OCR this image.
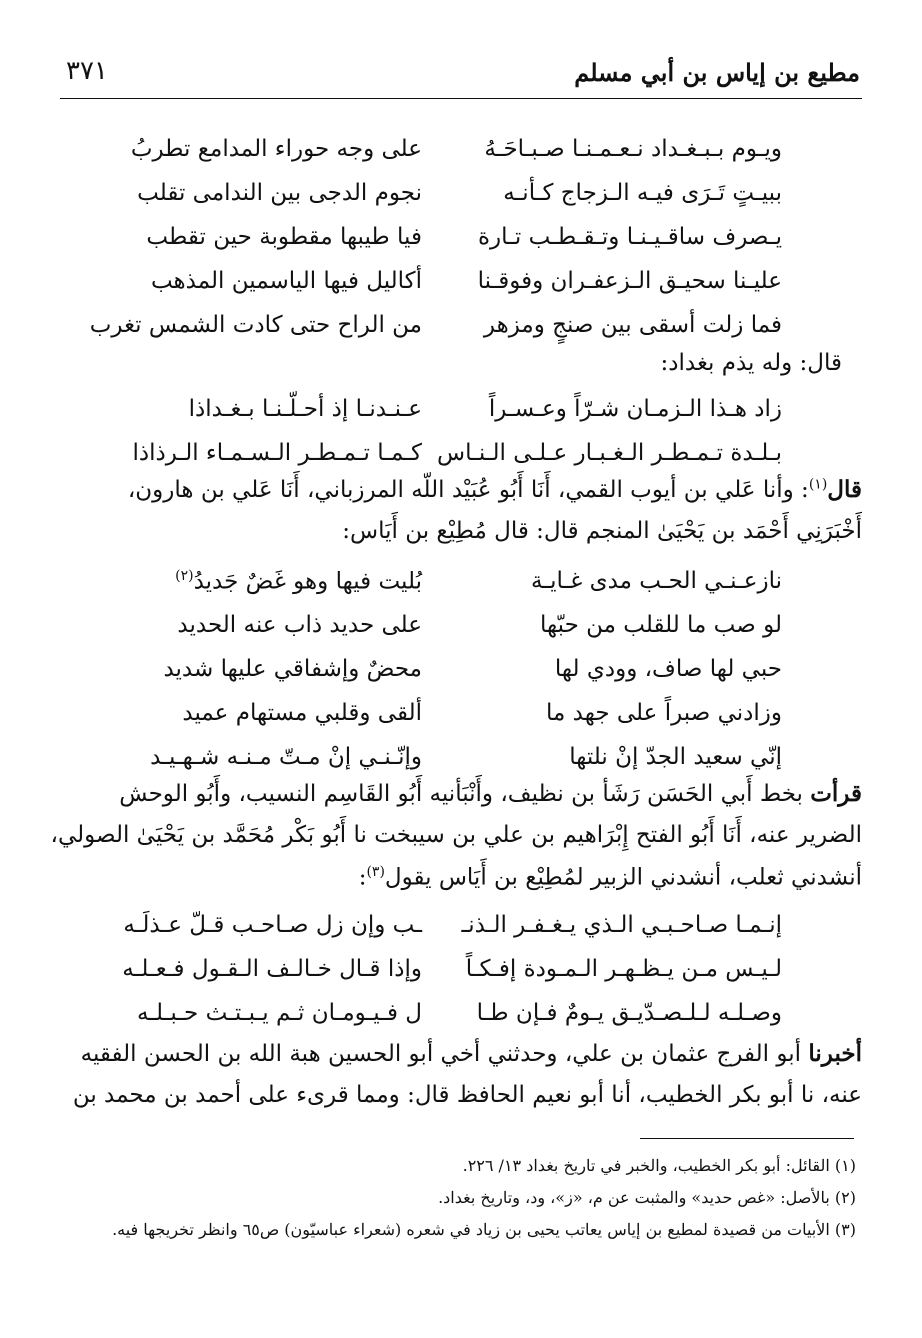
مطيع بن إياس بن أبي مسلم
٣٧١
ويـوم بـبـغـداد نـعـمـنـا صـبـاحَـهُ
على وجه حوراء المدامع تطربُ
ببيـتٍ تَـرَى فيـه الـزجاج كـأنـه
نجوم الدجى بين الندامى تقلب
يـصرف ساقـيـنـا وتـقـطـب تـارة
فيا طيبها مقطوبة حين تقطب
عليـنا سحيـق الـزعفـران وفوقـنا
أكاليل فيها الياسمين المذهب
فما زلت أسقى بين صنجٍ ومزهر
من الراح حتى كادت الشمس تغرب
قال: وله يذم بغداد:
زاد هـذا الـزمـان شـرّاً وعـسـراً
عـنـدنـا إذ أحـلّـنـا بـغـداذا
بـلـدة تـمـطـر الـغـبـار عـلـى الـنـاس
كـمـا تـمـطـر الـسـمـاء الـرذاذا
قال$^{(١)}$: وأنا عَلي بن أيوب القمي، أَنَا أَبُو عُبَيْد اللّه المرزباني، أَنَا عَلي بن هارون،
أَخْبَرَنِي أَحْمَد بن يَحْيَىٰ المنجم قال: قال مُطِيْع بن أَيَاس:
نازعـنـي الحـب مدى غـايـة
بُليت فيها وهو غَضٌ جَديدُ$^{(٢)}$
لو صب ما للقلب من حبّها
على حديد ذاب عنه الحديد
حبي لها صاف، وودي لها
محضٌ وإشفاقي عليها شديد
وزادني صبراً على جهد ما
ألقى وقلبي مستهام عميد
إنّي سعيد الجدّ إنْ نلتها
وإنّـنـي إنْ مـتّ مـنـه شـهـيـد
قرأت بخط أَبي الحَسَن رَشَأ بن نظيف، وأَنْبَأنيه أَبُو القَاسِم النسيب، وأَبُو الوحش
الضرير عنه، أَنَا أَبُو الفتح إِبْرَاهيم بن علي بن سيبخت نا أَبُو بَكْر مُحَمَّد بن يَحْيَىٰ الصولي،
أنشدني ثعلب، أنشدني الزبير لمُطِيْع بن أَيَاس يقول$^{(٣)}$:
إنـمـا صـاحـبـي الـذي يـغـفـر الـذنـ
ـب وإن زل صـاحـب قـلّ عـذلَـه
لـيـس مـن يـظـهـر الـمـودة إفـكـاً
وإذا قـال خـالـف الـقـول فـعـلـه
وصـلـه لـلـصـدّيـق يـومٌ فـإن طـا
ل فـيـومـان ثـم يـبـتـث حـبـلـه
أخبرنا أبو الفرج عثمان بن علي، وحدثني أخي أبو الحسين هبة الله بن الحسن الفقيه
عنه، نا أبو بكر الخطيب، أنا أبو نعيم الحافظ قال: ومما قرىء على أحمد بن محمد بن
(١) القائل: أبو بكر الخطيب، والخبر في تاريخ بغداد ١٣/ ٢٢٦.
(٢) بالأصل: «غص حديد» والمثبت عن م، «ز»، ود، وتاريخ بغداد.
(٣) الأبيات من قصيدة لمطيع بن إياس يعاتب يحيى بن زياد في شعره (شعراء عباسيّون) ص٦٥ وانظر تخريجها فيه.
